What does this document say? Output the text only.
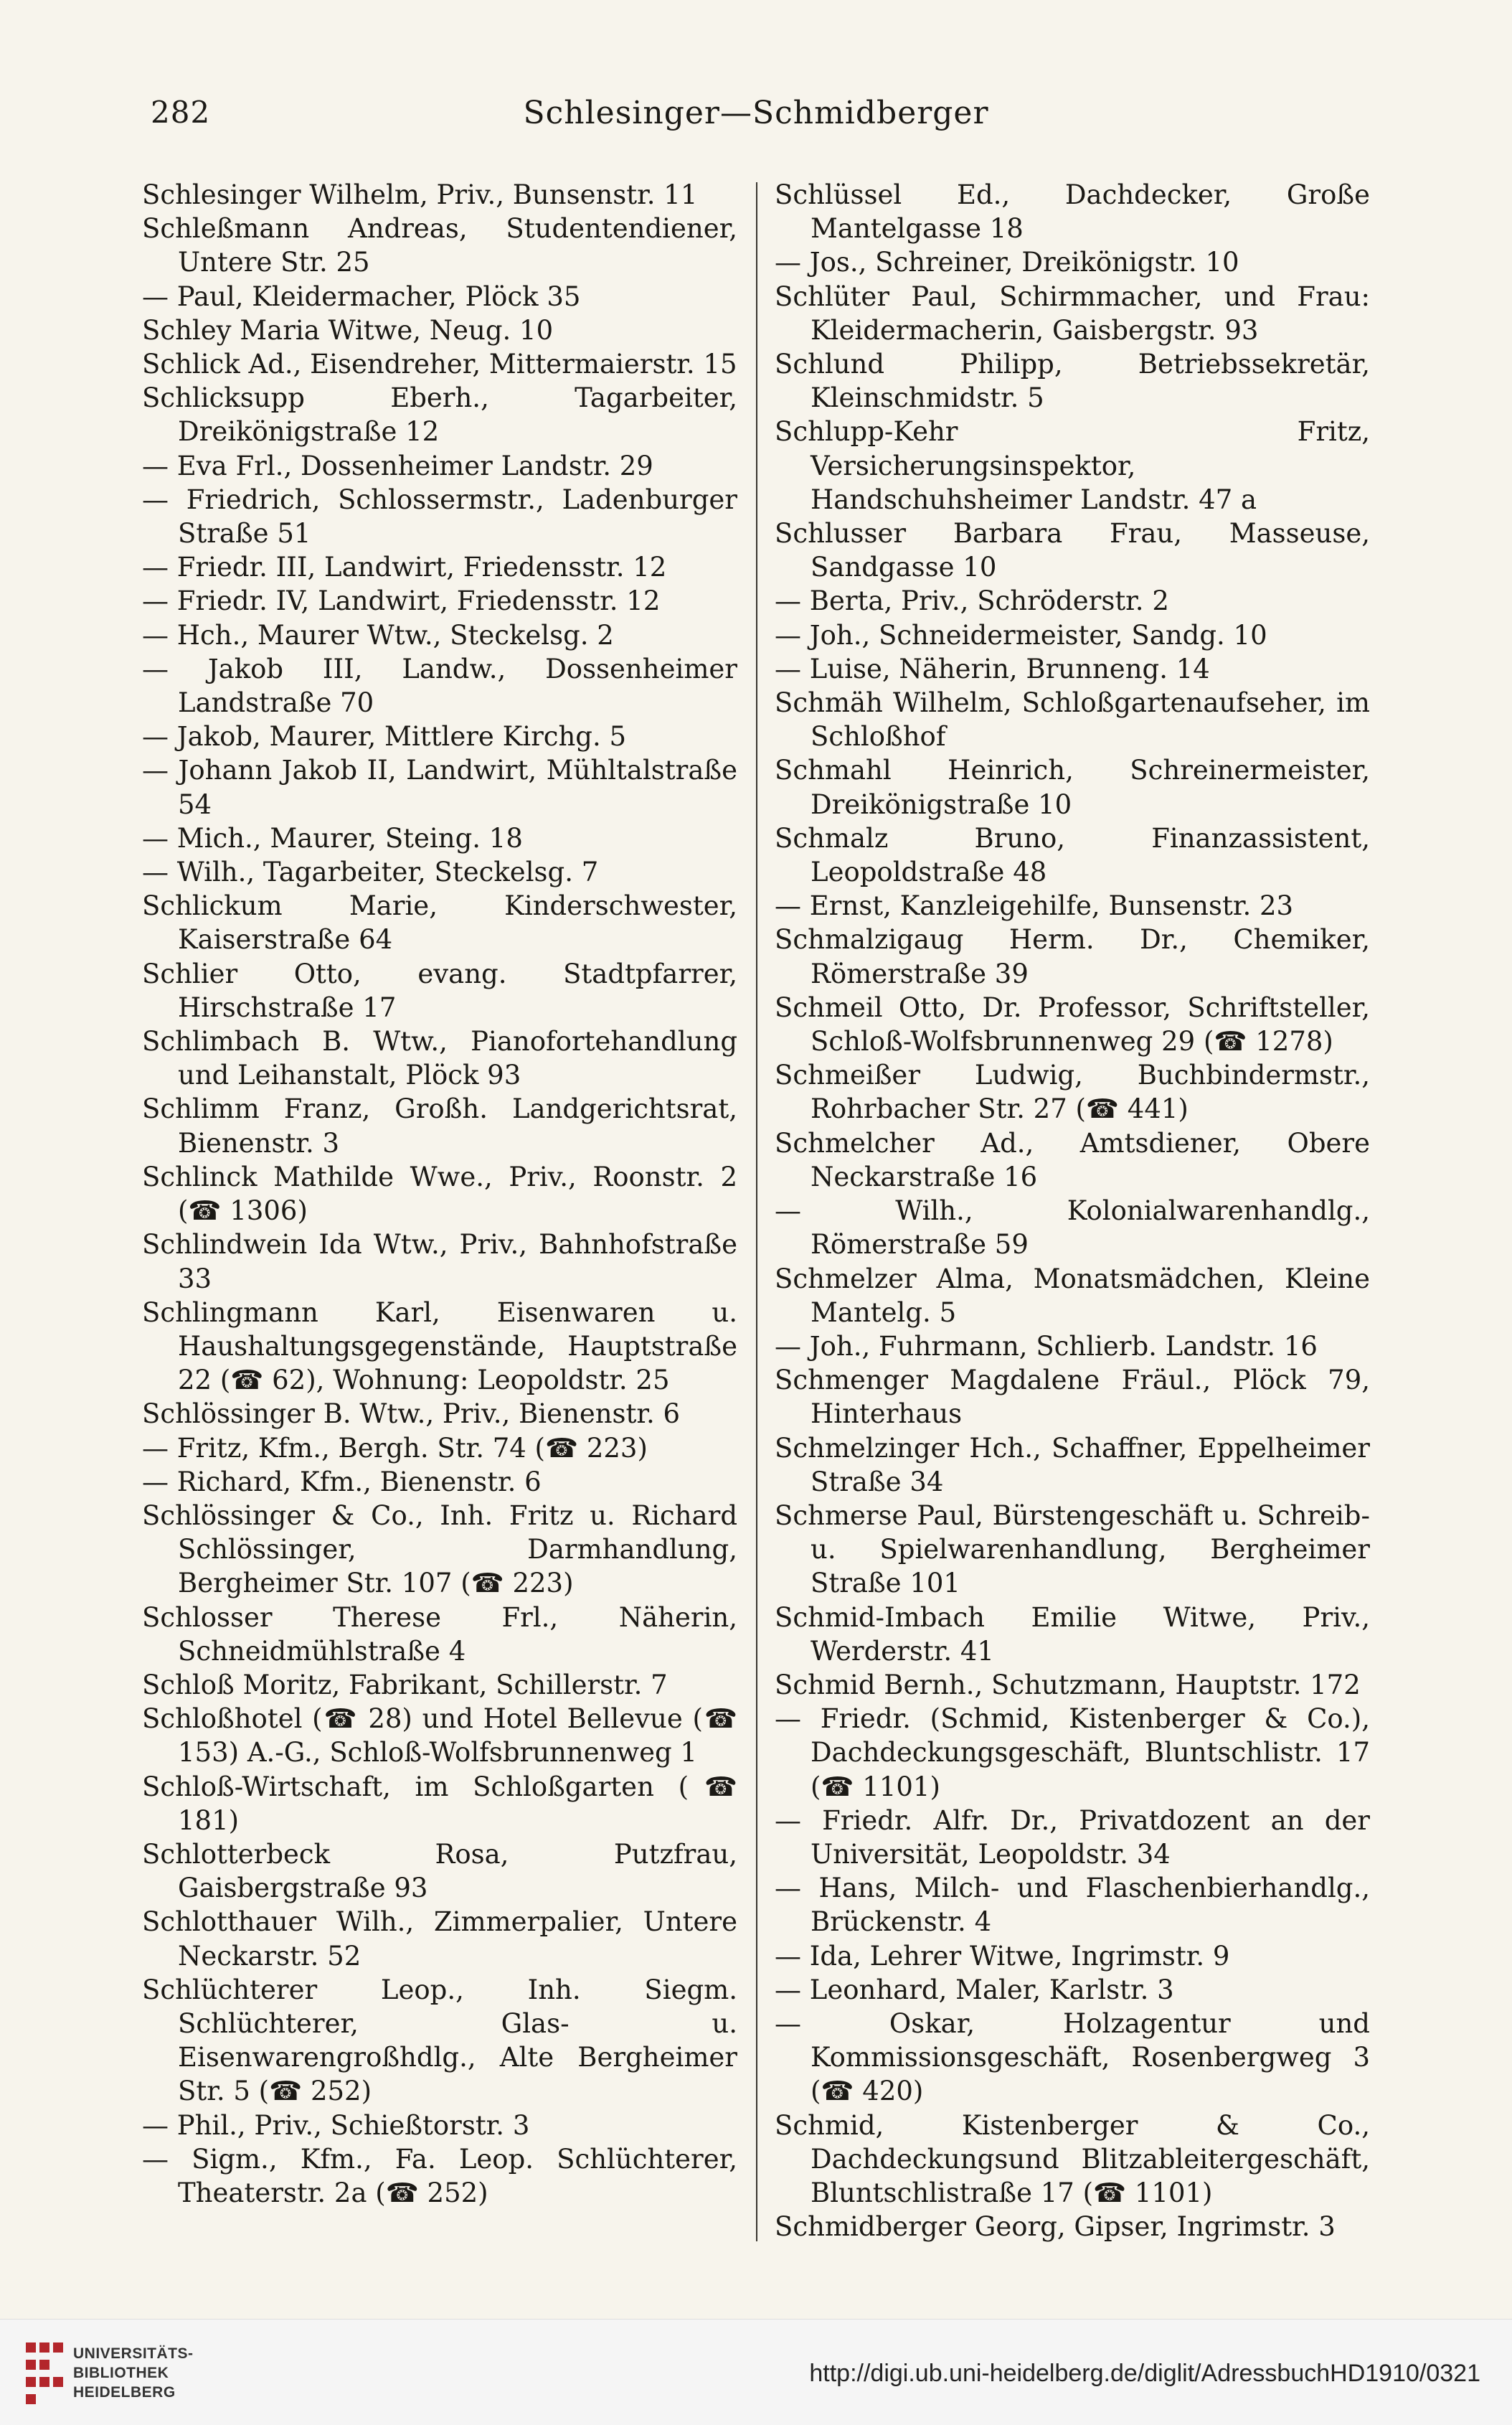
282	Schlesinger—Schmidberger

Schlesinger Wilhelm, Priv., Bunsenstr. 11

Schleßmann Andreas, Studentendiener, Untere Str. 25

— Paul, Kleidermacher, Plöck 35

Schley Maria Witwe, Neug. 10

Schlick Ad., Eisendreher, Mittermaierstr. 15

Schlicksupp Eberh., Tagarbeiter, Dreikönigstraße 12

— Eva Frl., Dossenheimer Landstr. 29

— Friedrich, Schlossermstr., Ladenburger Straße 51

— Friedr. III, Landwirt, Friedensstr. 12

— Friedr. IV, Landwirt, Friedensstr. 12

— Hch., Maurer Wtw., Steckelsg. 2

— Jakob III, Landw., Dossenheimer Landstraße 70

— Jakob, Maurer, Mittlere Kirchg. 5

— Johann Jakob II, Landwirt, Mühltalstraße 54

— Mich., Maurer, Steing. 18

— Wilh., Tagarbeiter, Steckelsg. 7

Schlickum Marie, Kinderschwester, Kaiserstraße 64

Schlier Otto, evang. Stadtpfarrer, Hirschstraße 17

Schlimbach B. Wtw., Pianofortehandlung und Leihanstalt, Plöck 93

Schlimm Franz, Großh. Landgerichtsrat, Bienenstr. 3

Schlinck Mathilde Wwe., Priv., Roonstr. 2 (☎ 1306)

Schlindwein Ida Wtw., Priv., Bahnhofstraße 33

Schlingmann Karl, Eisenwaren u. Haushaltungsgegenstände, Hauptstraße 22 (☎ 62), Wohnung: Leopoldstr. 25

Schlössinger B. Wtw., Priv., Bienenstr. 6

— Fritz, Kfm., Bergh. Str. 74 (☎ 223)

— Richard, Kfm., Bienenstr. 6

Schlössinger & Co., Inh. Fritz u. Richard Schlössinger, Darmhandlung, Bergheimer Str. 107 (☎ 223)

Schlosser Therese Frl., Näherin, Schneidmühlstraße 4

Schloß Moritz, Fabrikant, Schillerstr. 7

Schloßhotel (☎ 28) und Hotel Bellevue (☎ 153) A.-G., Schloß-Wolfsbrunnenweg 1

Schloß-Wirtschaft, im Schloßgarten (☎ 181)

Schlotterbeck Rosa, Putzfrau, Gaisbergstraße 93

Schlotthauer Wilh., Zimmerpalier, Untere Neckarstr. 52

Schlüchterer Leop., Inh. Siegm. Schlüchterer, Glas- u. Eisenwarengroßhdlg., Alte Bergheimer Str. 5 (☎ 252)

— Phil., Priv., Schießtorstr. 3

— Sigm., Kfm., Fa. Leop. Schlüchterer, Theaterstr. 2a (☎ 252)

Schlüssel Ed., Dachdecker, Große Mantelgasse 18

— Jos., Schreiner, Dreikönigstr. 10

Schlüter Paul, Schirmmacher, und Frau: Kleidermacherin, Gaisbergstr. 93

Schlund Philipp, Betriebssekretär, Kleinschmidstr. 5

Schlupp-Kehr Fritz, Versicherungsinspektor, Handschuhsheimer Landstr. 47 a

Schlusser Barbara Frau, Masseuse, Sandgasse 10

— Berta, Priv., Schröderstr. 2

— Joh., Schneidermeister, Sandg. 10

— Luise, Näherin, Brunneng. 14

Schmäh Wilhelm, Schloßgartenaufseher, im Schloßhof

Schmahl Heinrich, Schreinermeister, Dreikönigstraße 10

Schmalz Bruno, Finanzassistent, Leopoldstraße 48

— Ernst, Kanzleigehilfe, Bunsenstr. 23

Schmalzigaug Herm. Dr., Chemiker, Römerstraße 39

Schmeil Otto, Dr. Professor, Schriftsteller, Schloß-Wolfsbrunnenweg 29 (☎ 1278)

Schmeißer Ludwig, Buchbindermstr., Rohrbacher Str. 27 (☎ 441)

Schmelcher Ad., Amtsdiener, Obere Neckarstraße 16

— Wilh., Kolonialwarenhandlg., Römerstraße 59

Schmelzer Alma, Monatsmädchen, Kleine Mantelg. 5

— Joh., Fuhrmann, Schlierb. Landstr. 16

Schmenger Magdalene Fräul., Plöck 79, Hinterhaus

Schmelzinger Hch., Schaffner, Eppelheimer Straße 34

Schmerse Paul, Bürstengeschäft u. Schreib- u. Spielwarenhandlung, Bergheimer Straße 101

Schmid-Imbach Emilie Witwe, Priv., Werderstr. 41

Schmid Bernh., Schutzmann, Hauptstr. 172

— Friedr. (Schmid, Kistenberger & Co.), Dachdeckungsgeschäft, Bluntschlistr. 17 (☎ 1101)

— Friedr. Alfr. Dr., Privatdozent an der Universität, Leopoldstr. 34

— Hans, Milch- und Flaschenbierhandlg., Brückenstr. 4

— Ida, Lehrer Witwe, Ingrimstr. 9

— Leonhard, Maler, Karlstr. 3

— Oskar, Holzagentur und Kommissionsgeschäft, Rosenbergweg 3 (☎ 420)

Schmid, Kistenberger & Co., Dachdeckungsund Blitzableitergeschäft, Bluntschlistraße 17 (☎ 1101)

Schmidberger Georg, Gipser, Ingrimstr. 3

UNIVERSITÄTS-
BIBLIOTHEK
HEIDELBERG
http://digi.ub.uni-heidelberg.de/diglit/AdressbuchHD1910/0321
